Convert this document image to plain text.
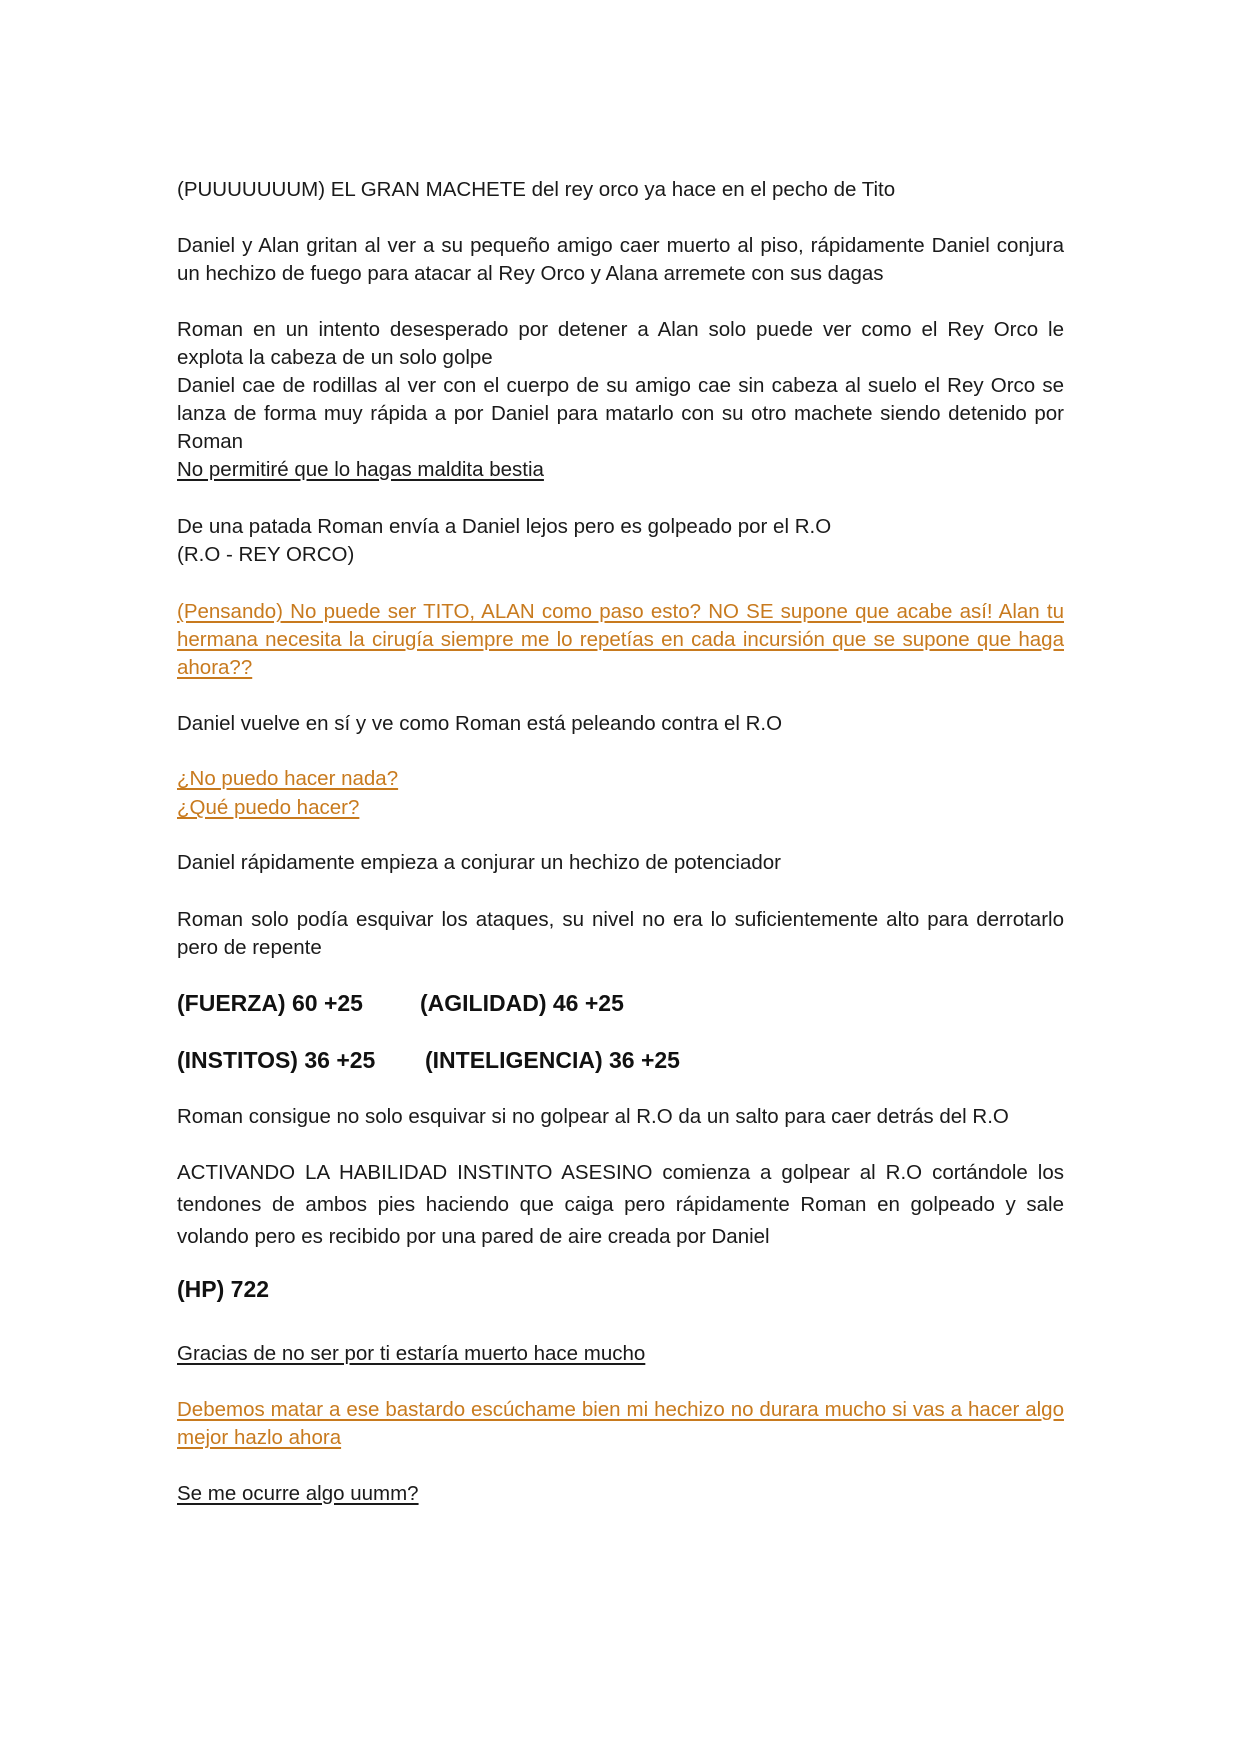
(PUUUUUUUM) EL GRAN MACHETE del rey orco ya hace en el pecho de Tito

Daniel y Alan gritan al ver a su pequeño amigo caer muerto al piso, rápidamente Daniel conjura un hechizo de fuego para atacar al Rey Orco y Alana arremete con sus dagas

Roman en un intento desesperado por detener a Alan solo puede ver como el Rey Orco le explota la cabeza de un solo golpe

Daniel cae de rodillas al ver con el cuerpo de su amigo cae sin cabeza al suelo el Rey Orco se lanza de forma muy rápida a por Daniel para matarlo con su otro machete siendo detenido por Roman

No permitiré que lo hagas maldita bestia

De una patada Roman envía a Daniel lejos pero es golpeado por el R.O

(R.O - REY ORCO)

(Pensando) No puede ser TITO, ALAN como paso esto? NO SE supone que acabe así! Alan tu hermana necesita la cirugía siempre me lo repetías en cada incursión que se supone que haga ahora??

Daniel vuelve en sí y ve como Roman está peleando contra el R.O

¿No puedo hacer nada?

¿Qué puedo hacer?

Daniel rápidamente empieza a conjurar un hechizo de potenciador

Roman solo podía esquivar los ataques, su nivel no era lo suficientemente alto para derrotarlo pero de repente

(FUERZA) 60 +25 (AGILIDAD) 46 +25

(INSTITOS) 36 +25 (INTELIGENCIA) 36 +25

Roman consigue no solo esquivar si no golpear al R.O da un salto para caer detrás del R.O

ACTIVANDO LA HABILIDAD INSTINTO ASESINO comienza a golpear al R.O cortándole los tendones de ambos pies haciendo que caiga pero rápidamente Roman en golpeado y sale volando pero es recibido por una pared de aire creada por Daniel

(HP) 722

Gracias de no ser por ti estaría muerto hace mucho

Debemos matar a ese bastardo escúchame bien mi hechizo no durara mucho si vas a hacer algo mejor hazlo ahora

Se me ocurre algo uumm?
